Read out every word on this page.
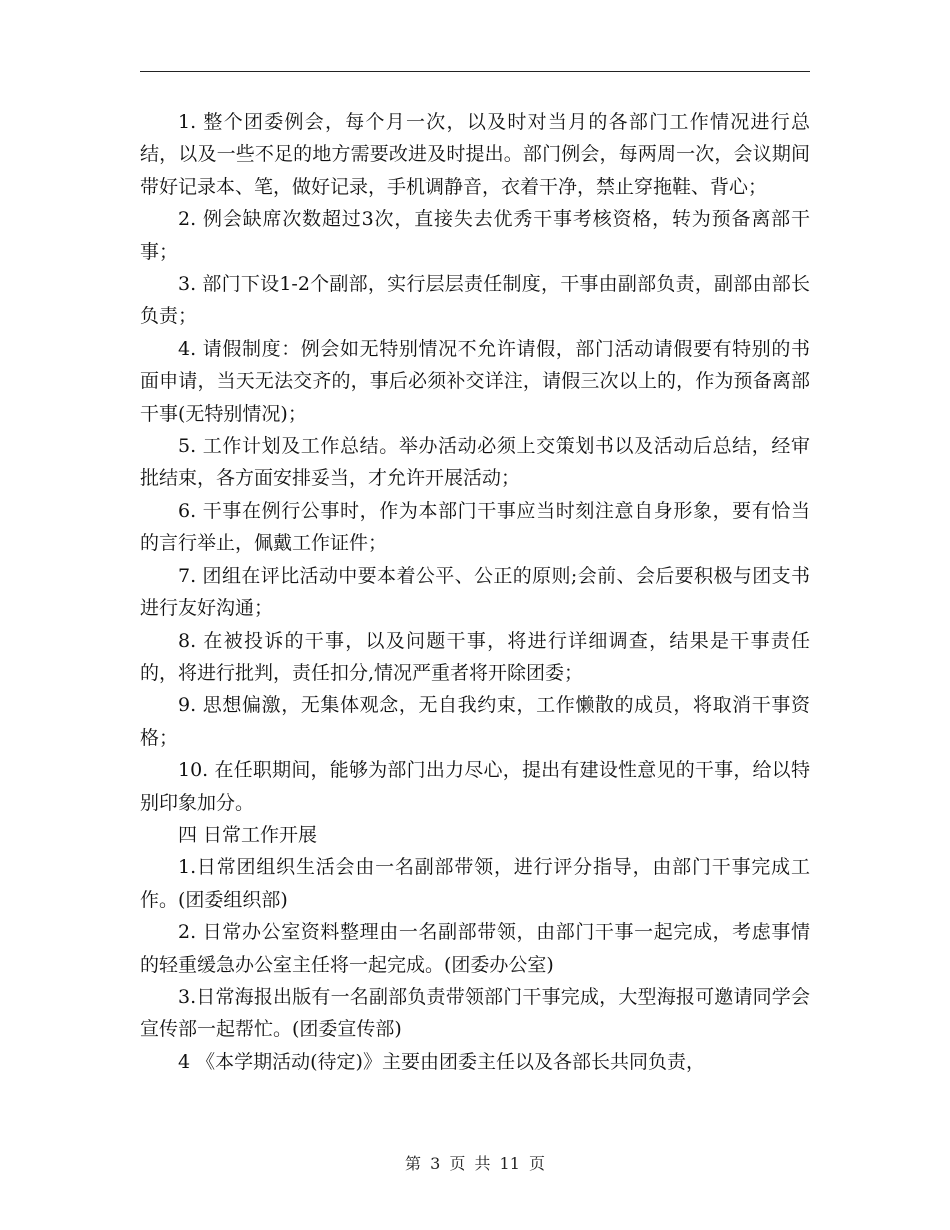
1. 整个团委例会，每个月一次，以及时对当月的各部门工作情况进行总结，以及一些不足的地方需要改进及时提出。部门例会，每两周一次，会议期间带好记录本、笔，做好记录，手机调静音，衣着干净，禁止穿拖鞋、背心；

2. 例会缺席次数超过3次，直接失去优秀干事考核资格，转为预备离部干事；

3. 部门下设1-2个副部，实行层层责任制度，干事由副部负责，副部由部长负责；

4. 请假制度：例会如无特别情况不允许请假，部门活动请假要有特别的书面申请，当天无法交齐的，事后必须补交详注，请假三次以上的，作为预备离部干事(无特别情况)；

5. 工作计划及工作总结。举办活动必须上交策划书以及活动后总结，经审批结束，各方面安排妥当，才允许开展活动；

6. 干事在例行公事时，作为本部门干事应当时刻注意自身形象，要有恰当的言行举止，佩戴工作证件；

7. 团组在评比活动中要本着公平、公正的原则;会前、会后要积极与团支书进行友好沟通；

8. 在被投诉的干事，以及问题干事，将进行详细调查，结果是干事责任的，将进行批判，责任扣分,情况严重者将开除团委；

9. 思想偏激，无集体观念，无自我约束，工作懒散的成员，将取消干事资格；

10. 在任职期间，能够为部门出力尽心，提出有建设性意见的干事，给以特别印象加分。

四 日常工作开展

1.日常团组织生活会由一名副部带领，进行评分指导，由部门干事完成工作。(团委组织部)

2. 日常办公室资料整理由一名副部带领，由部门干事一起完成，考虑事情的轻重缓急办公室主任将一起完成。(团委办公室)

3.日常海报出版有一名副部负责带领部门干事完成，大型海报可邀请同学会宣传部一起帮忙。(团委宣传部)

4 《本学期活动(待定)》主要由团委主任以及各部长共同负责，

第 3 页 共 11 页
